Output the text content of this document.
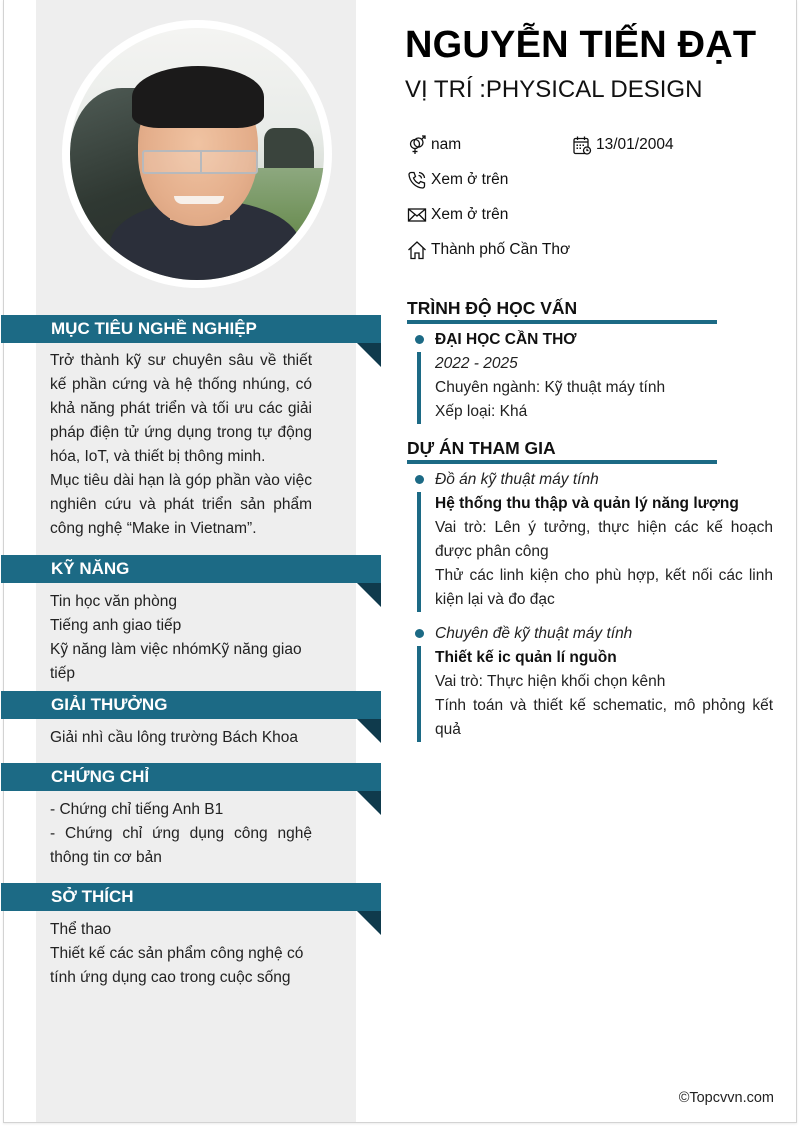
NGUYỄN TIẾN ĐẠT
VỊ TRÍ :PHYSICAL DESIGN
nam	13/01/2004
Xem ở trên
Xem ở trên
Thành phố Cần Thơ
MỤC TIÊU NGHỀ NGHIỆP
Trở thành kỹ sư chuyên sâu về thiết kế phần cứng và hệ thống nhúng, có khả năng phát triển và tối ưu các giải pháp điện tử ứng dụng trong tự động hóa, IoT, và thiết bị thông minh.
Mục tiêu dài hạn là góp phần vào việc nghiên cứu và phát triển sản phẩm công nghệ “Make in Vietnam”.
KỸ NĂNG
Tin học văn phòng
Tiếng anh giao tiếp
Kỹ năng làm việc nhómKỹ năng giao tiếp
GIẢI THƯỞNG
Giải nhì cầu lông trường Bách Khoa
CHỨNG CHỈ
- Chứng chỉ tiếng Anh B1
- Chứng chỉ ứng dụng công nghệ thông tin cơ bản
SỞ THÍCH
Thể thao
Thiết kế các sản phẩm công nghệ có tính ứng dụng cao trong cuộc sống
TRÌNH ĐỘ HỌC VẤN
ĐẠI HỌC CẦN THƠ
2022 - 2025
Chuyên ngành: Kỹ thuật máy tính
Xếp loại: Khá
DỰ ÁN THAM GIA
Đồ án kỹ thuật máy tính
Hệ thống thu thập và quản lý năng lượng
Vai trò: Lên ý tưởng, thực hiện các kế hoạch được phân công
Thử các linh kiện cho phù hợp, kết nối các linh kiện lại và đo đạc
Chuyên đề kỹ thuật máy tính
Thiết kế ic quản lí nguồn
Vai trò: Thực hiện khối chọn kênh
Tính toán và thiết kế schematic, mô phỏng kết quả
©Topcvvn.com
